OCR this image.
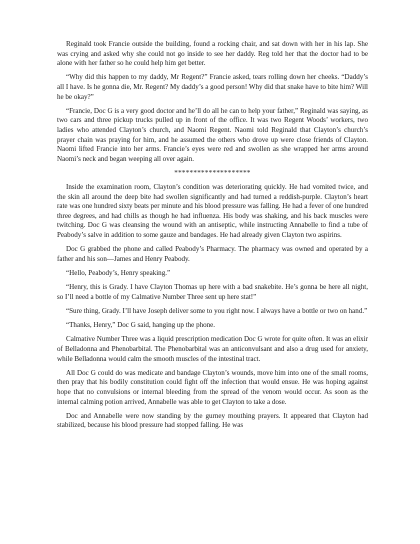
Reginald took Francie outside the building, found a rocking chair, and sat down with her in his lap. She was crying and asked why she could not go inside to see her daddy. Reg told her that the doctor had to be alone with her father so he could help him get better.

“Why did this happen to my daddy, Mr Regent?” Francie asked, tears rolling down her cheeks. “Daddy’s all I have. Is he gonna die, Mr. Regent? My daddy’s a good person! Why did that snake have to bite him? Will he be okay?”

“Francie, Doc G is a very good doctor and he’ll do all he can to help your father,” Reginald was saying, as two cars and three pickup trucks pulled up in front of the office. It was two Regent Woods’ workers, two ladies who attended Clayton’s church, and Naomi Regent. Naomi told Reginald that Clayton’s church’s prayer chain was praying for him, and he assumed the others who drove up were close friends of Clayton. Naomi lifted Francie into her arms. Francie’s eyes were red and swollen as she wrapped her arms around Naomi’s neck and began weeping all over again.

********************

Inside the examination room, Clayton’s condition was deteriorating quickly. He had vomited twice, and the skin all around the deep bite had swollen significantly and had turned a reddish-purple. Clayton’s heart rate was one hundred sixty beats per minute and his blood pressure was falling. He had a fever of one hundred three degrees, and had chills as though he had influenza. His body was shaking, and his back muscles were twitching. Doc G was cleansing the wound with an antiseptic, while instructing Annabelle to find a tube of Peabody’s salve in addition to some gauze and bandages. He had already given Clayton two aspirins.

Doc G grabbed the phone and called Peabody’s Pharmacy. The pharmacy was owned and operated by a father and his son—James and Henry Peabody.

“Hello, Peabody’s, Henry speaking.”

“Henry, this is Grady. I have Clayton Thomas up here with a bad snakebite. He’s gonna be here all night, so I’ll need a bottle of my Calmative Number Three sent up here stat!”

“Sure thing, Grady. I’ll have Joseph deliver some to you right now. I always have a bottle or two on hand.”

“Thanks, Henry,” Doc G said, hanging up the phone.

Calmative Number Three was a liquid prescription medication Doc G wrote for quite often. It was an elixir of Belladonna and Phenobarbital. The Phenobarbital was an anticonvulsant and also a drug used for anxiety, while Belladonna would calm the smooth muscles of the intestinal tract.

All Doc G could do was medicate and bandage Clayton’s wounds, move him into one of the small rooms, then pray that his bodily constitution could fight off the infection that would ensue. He was hoping against hope that no convulsions or internal bleeding from the spread of the venom would occur. As soon as the internal calming potion arrived, Annabelle was able to get Clayton to take a dose.

Doc and Annabelle were now standing by the gurney mouthing prayers. It appeared that Clayton had stabilized, because his blood pressure had stopped falling. He was
